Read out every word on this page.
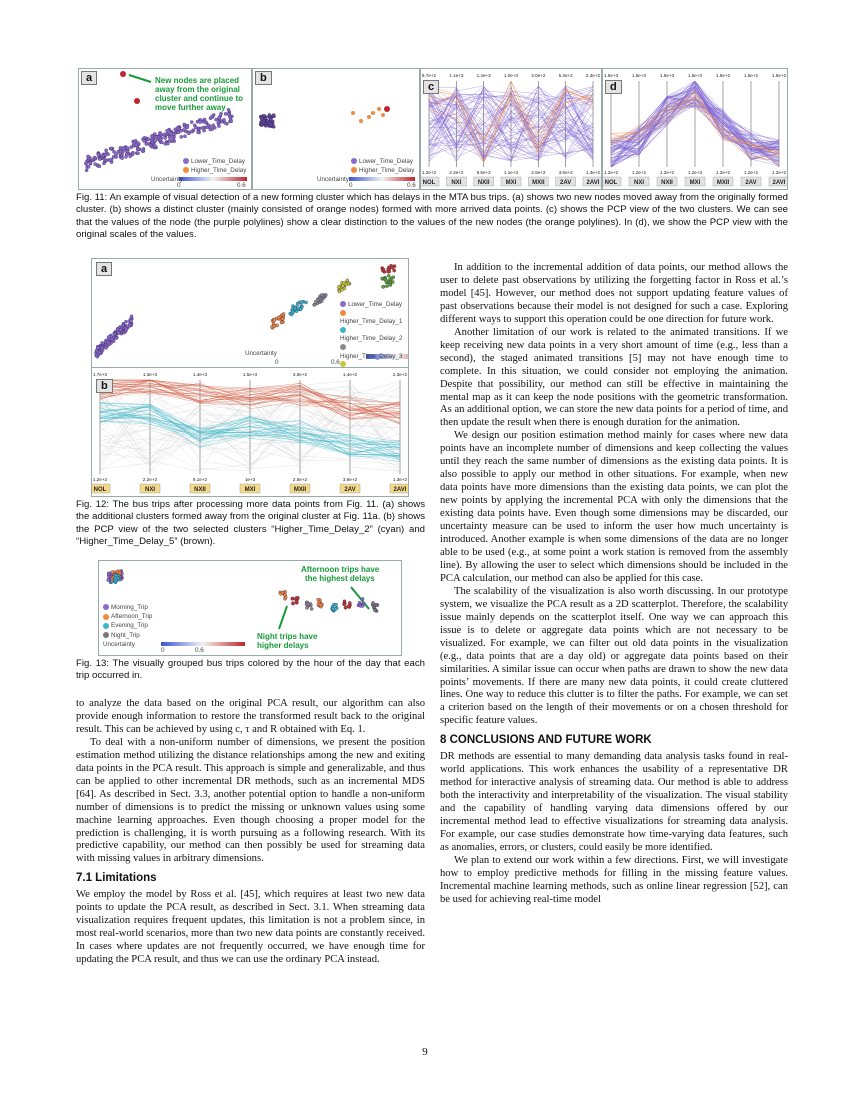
a	New nodes are placed
away from the original
cluster and continue to
move further away
Lower_Time_Delay
Higher_Time_Delay
Uncertainty
0	0.6
b
Lower_Time_Delay
Higher_Time_Delay
Uncertainty
0	0.6
9.7e+2
1.2e+2
NOL
1.1e+3
2.2e+2
NXI
1.4e+3
9.6e+2
NXII
1.0e+3
1.1e+3
MXI
3.0e+2
2.5e+2
MXII
5.3e+2
3.6e+2
2AV
2.3e+2
1.3e+2
2AVI
c
1.5e+3
1.2e+2
NOL
1.5e+3
1.2e+2
NXI
1.5e+3
1.2e+2
NXII
1.5e+3
1.2e+3
MXI
1.5e+2
1.2e+2
MXII
1.5e+2
1.2e+2
2AV
1.5e+2
1.2e+2
2AVI
d
Fig. 11: An example of visual detection of a new forming cluster which has delays in the MTA bus trips. (a) shows two new nodes moved away from the originally formed cluster. (b) shows a distinct cluster (mainly consisted of orange nodes) formed with more arrived data points. (c) shows the PCP view of the two clusters. We can see that the values of the node (the purple polylines) show a clear distinction to the values of the new nodes (the orange polylines). In (d), we show the PCP view with the original scales of the values.
a
Lower_Time_Delay
Higher_Time_Delay_1
Higher_Time_Delay_2
Higher_Time_Delay_3
Uncertainty
0	0.6
1.7e+3
1.2e+2
NOL
1.3e+3
2.2e+2
NXI
1.4e+3
9.1e+2
NXII
1.5e+3
1e+3
MXI
3.9e+2
2.5e+2
MXII
1.4e+2
3.6e+2
2AV
2.3e+2
1.3e+2
2AVI
b
Fig. 12: The bus trips after processing more data points from Fig. 11. (a) shows the additional clusters formed away from the original cluster at Fig. 11a. (b) shows the PCP view of the two selected clusters “Higher_Time_Delay_2” (cyan) and “Higher_Time_Delay_5” (brown).
Afternoon trips have
the highest delays
Night trips have
higher delays
Morning_Trip
Afternoon_Trip
Evening_Trip
Night_Trip
Uncertainty
0	0.6
Fig. 13: The visually grouped bus trips colored by the hour of the day that each trip occurred in.

to analyze the data based on the original PCA result, our algorithm can also provide enough information to restore the transformed result back to the original result. This can be achieved by using c, τ and R obtained with Eq. 1.

To deal with a non-uniform number of dimensions, we present the position estimation method utilizing the distance relationships among the new and exiting data points in the PCA result. This approach is simple and generalizable, and thus can be applied to other incremental DR methods, such as an incremental MDS [64]. As described in Sect. 3.3, another potential option to handle a non-uniform number of dimensions is to predict the missing or unknown values using some machine learning approaches. Even though choosing a proper model for the prediction is challenging, it is worth pursuing as a following research. With its predictive capability, our method can then possibly be used for streaming data with missing values in arbitrary dimensions.

7.1 Limitations

We employ the model by Ross et al. [45], which requires at least two new data points to update the PCA result, as described in Sect. 3.1. When streaming data visualization requires frequent updates, this limitation is not a problem since, in most real-world scenarios, more than two new data points are constantly received. In cases where updates are not frequently occurred, we have enough time for updating the PCA result, and thus we can use the ordinary PCA instead.

In addition to the incremental addition of data points, our method allows the user to delete past observations by utilizing the forgetting factor in Ross et al.’s model [45]. However, our method does not support updating feature values of past observations because their model is not designed for such a case. Exploring different ways to support this operation could be one direction for future work.

Another limitation of our work is related to the animated transitions. If we keep receiving new data points in a very short amount of time (e.g., less than a second), the staged animated transitions [5] may not have enough time to complete. In this situation, we could consider not employing the animation. Despite that possibility, our method can still be effective in maintaining the mental map as it can keep the node positions with the geometric transformation. As an additional option, we can store the new data points for a period of time, and then update the result when there is enough duration for the animation.

We design our position estimation method mainly for cases where new data points have an incomplete number of dimensions and keep collecting the values until they reach the same number of dimensions as the existing data points. It is also possible to apply our method in other situations. For example, when new data points have more dimensions than the existing data points, we can plot the new points by applying the incremental PCA with only the dimensions that the existing data points have. Even though some dimensions may be discarded, our uncertainty measure can be used to inform the user how much uncertainty is introduced. Another example is when some dimensions of the data are no longer able to be used (e.g., at some point a work station is removed from the assembly line). By allowing the user to select which dimensions should be included in the PCA calculation, our method can also be applied for this case.

The scalability of the visualization is also worth discussing. In our prototype system, we visualize the PCA result as a 2D scatterplot. Therefore, the scalability issue mainly depends on the scatterplot itself. One way we can approach this issue is to delete or aggregate data points which are not necessary to be visualized. For example, we can filter out old data points in the visualization (e.g., data points that are a day old) or aggregate data points based on their similarities. A similar issue can occur when paths are drawn to show the new data points’ movements. If there are many new data points, it could create cluttered lines. One way to reduce this clutter is to filter the paths. For example, we can set a criterion based on the length of their movements or on a chosen threshold for specific feature values.

8 CONCLUSIONS AND FUTURE WORK

DR methods are essential to many demanding data analysis tasks found in real-world applications. This work enhances the usability of a representative DR method for interactive analysis of streaming data. Our method is able to address both the interactivity and interpretability of the visualization. The visual stability and the capability of handling varying data dimensions offered by our incremental method lead to effective visualizations for streaming data analysis. For example, our case studies demonstrate how time-varying data features, such as anomalies, errors, or clusters, could easily be more identified.

We plan to extend our work within a few directions. First, we will investigate how to employ predictive methods for filling in the missing feature values. Incremental machine learning methods, such as online linear regression [52], can be used for achieving real-time model

9
